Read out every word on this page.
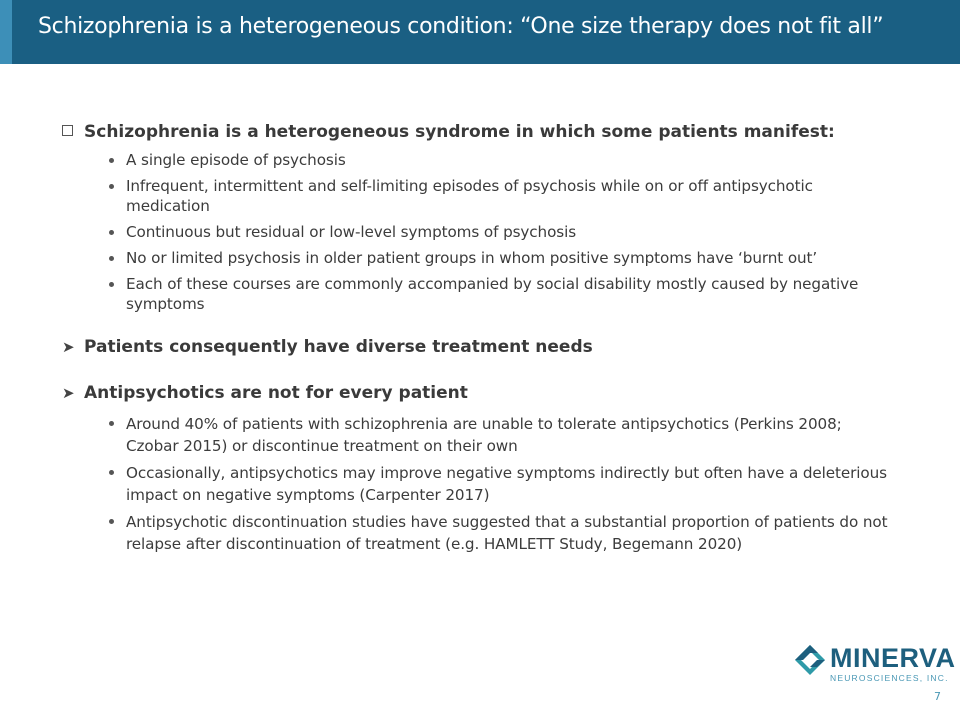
Schizophrenia is a heterogeneous condition: “One size therapy does not fit all”
Schizophrenia is a heterogeneous syndrome in which some patients manifest:
A single episode of psychosis
Infrequent, intermittent and self-limiting episodes of psychosis while on or off antipsychotic medication
Continuous but residual or low-level symptoms of psychosis
No or limited psychosis in older patient groups in whom positive symptoms have ‘burnt out’
Each of these courses are commonly accompanied by social disability mostly caused by negative symptoms
➤ Patients consequently have diverse treatment needs
➤ Antipsychotics are not for every patient
Around 40% of patients with schizophrenia are unable to tolerate antipsychotics (Perkins 2008; Czobar 2015) or discontinue treatment on their own
Occasionally, antipsychotics may improve negative symptoms indirectly but often have a deleterious impact on negative symptoms (Carpenter 2017)
Antipsychotic discontinuation studies have suggested that a substantial proportion of patients do not relapse after discontinuation of treatment (e.g. HAMLETT Study, Begemann 2020)
MINERVA
NEUROSCIENCES, INC.
7
